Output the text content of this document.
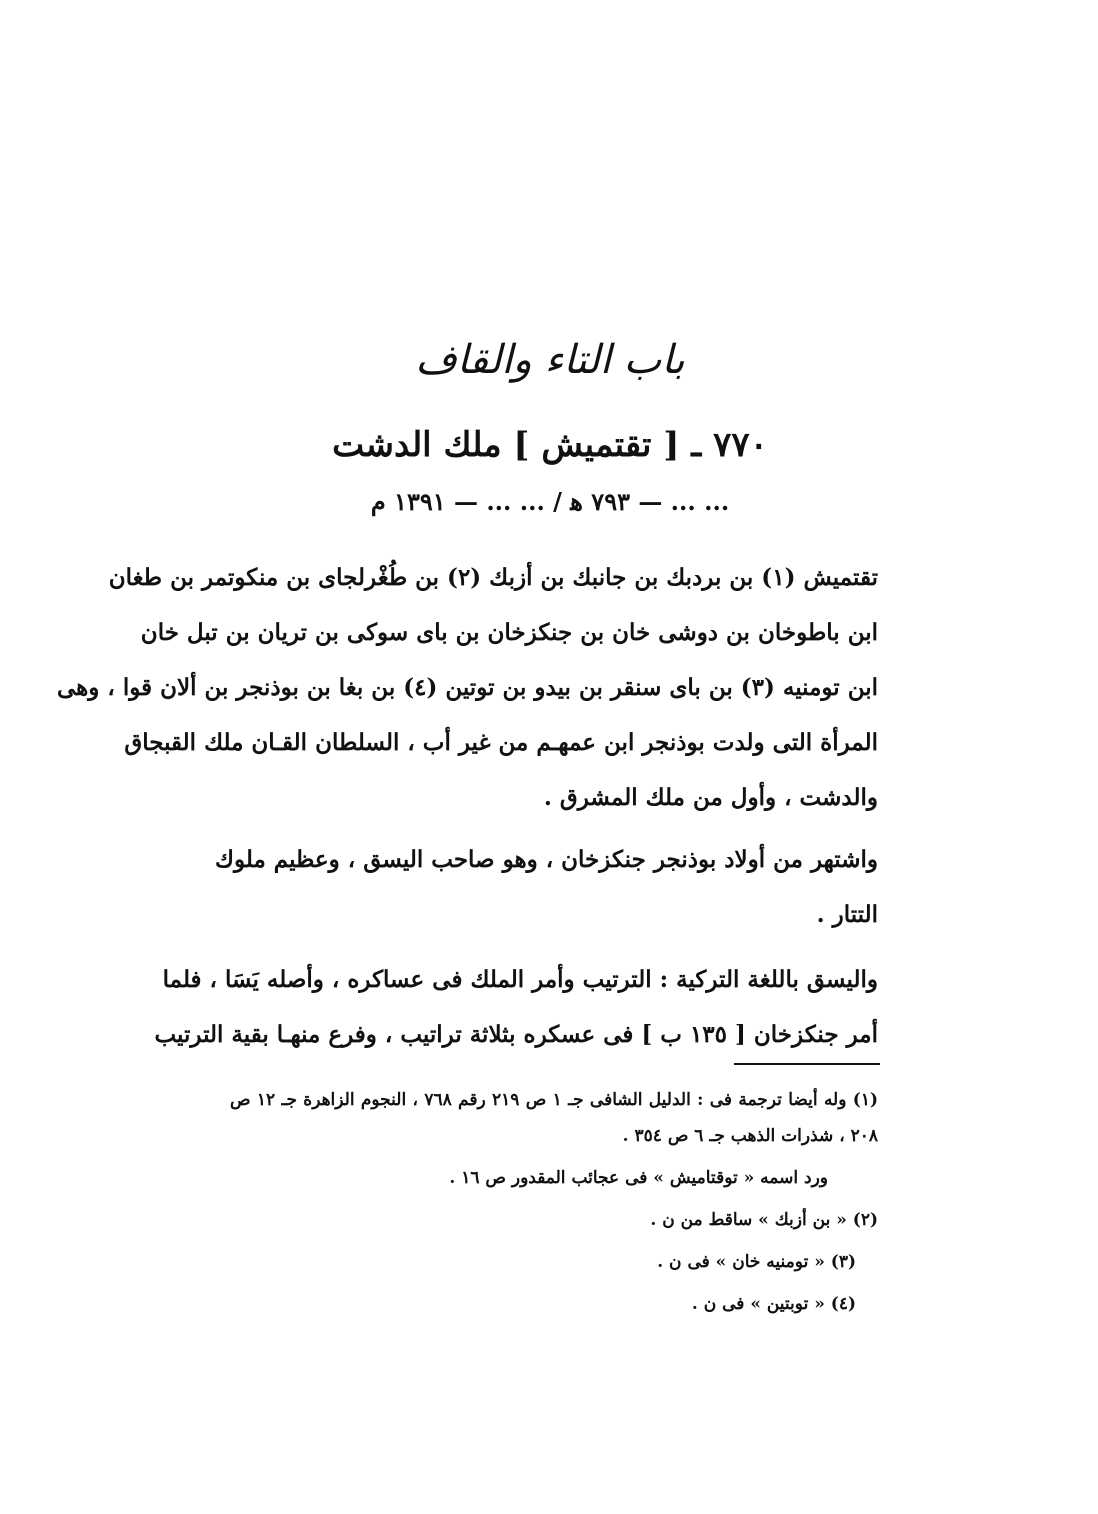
باب التاء والقاف
٧٧٠ ـ [ تقتميش ] ملك الدشت
... ... — ٧٩٣ ﻫ / ... ... — ١٣٩١ م
تقتميش (١) بن بردبك بن جانبك بن أزبك (٢) بن طُغْرلجاى بن منكوتمر بن طغان
ابن باطوخان بن دوشى خان بن جنكزخان بن باى سوكى بن تريان بن تبل خان
ابن تومنيه (٣) بن باى سنقر بن بيدو بن توتين (٤) بن بغا بن بوذنجر بن ألان قوا ، وهى
المرأة التى ولدت بوذنجر ابن عمهـم من غير أب ، السلطان القـان ملك القبجاق
والدشت ، وأول من ملك المشرق .
واشتهر من أولاد بوذنجر جنكزخان ، وهو صاحب اليسق ، وعظيم ملوك
التتار .
واليسق باللغة التركية : الترتيب وأمر الملك فى عساكره ، وأصله يَسَا ، فلما
أمر جنكزخان [ ١٣٥ ب ] فى عسكره بثلاثة تراتيب ، وفرع منهـا بقية الترتيب
(١) وله أيضا ترجمة فى : الدليل الشافى جـ ١ ص ٢١٩ رقم ٧٦٨ ، النجوم الزاهرة جـ ١٢ ص
٢٠٨ ، شذرات الذهب جـ ٦ ص ٣٥٤ .
ورد اسمه « توقتاميش » فى عجائب المقدور ص ١٦ .
(٢) « بن أزبك » ساقط من ن .
(٣) « تومنيه خان » فى ن .
(٤) « توبتين » فى ن .
